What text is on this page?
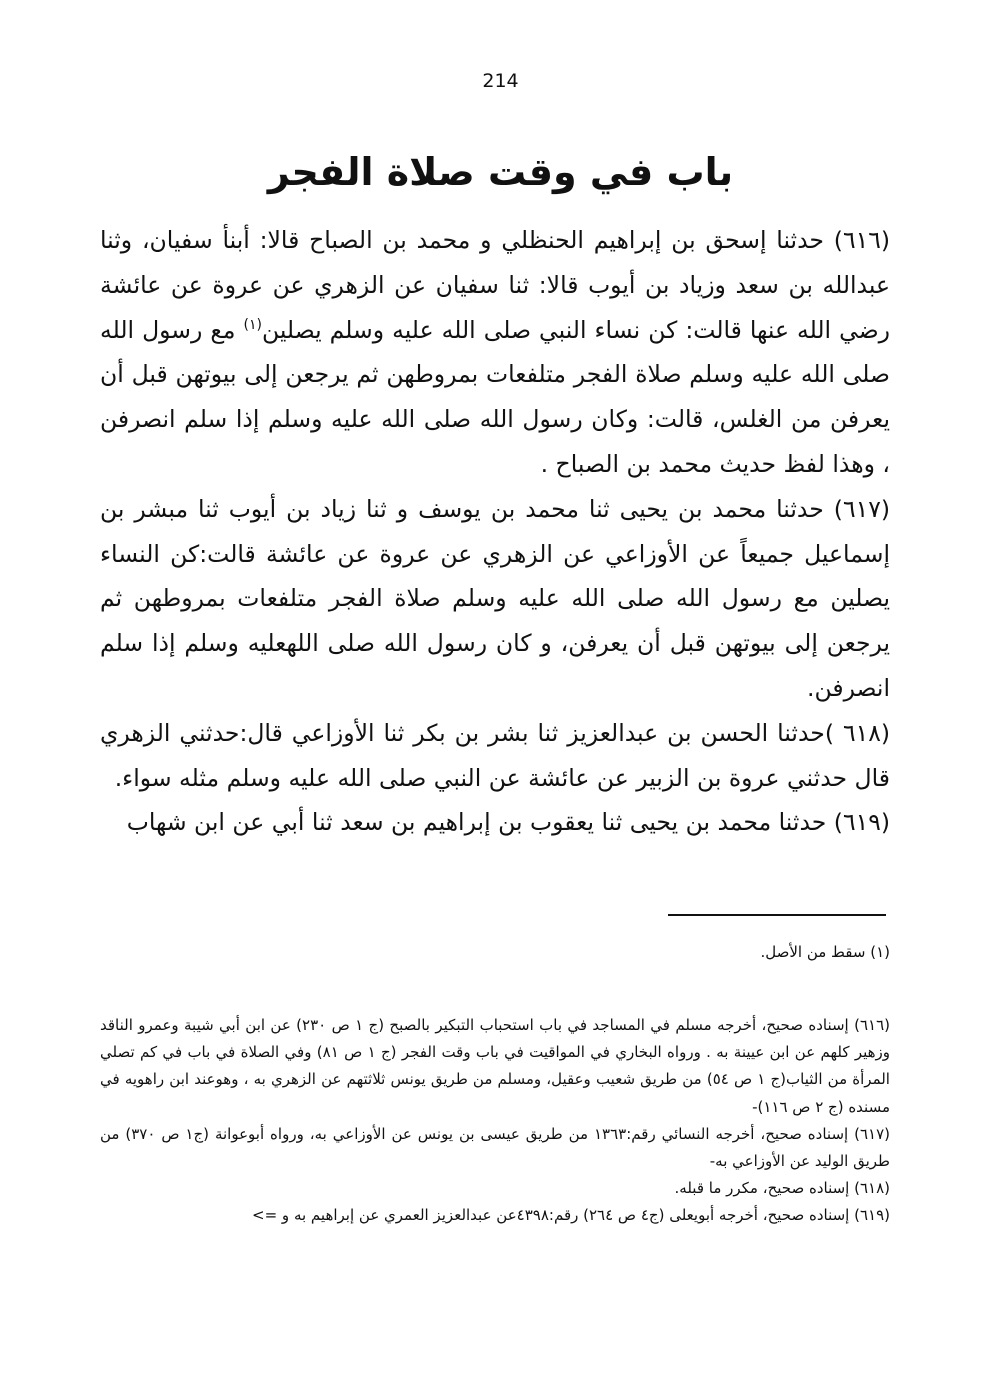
214
باب في وقت صلاة الفجر

(٦١٦) حدثنا إسحق بن إبراهيم الحنظلي و محمد بن الصباح قالا: أبنأ سفيان، وثنا عبدالله بن سعد وزياد بن أيوب قالا: ثنا سفيان عن الزهري عن عروة عن عائشة رضي الله عنها قالت: كن نساء النبي صلى الله عليه وسلم يصلين$^{(١)}$ مع رسول الله صلى الله عليه وسلم صلاة الفجر متلفعات بمروطهن ثم يرجعن إلى بيوتهن قبل أن يعرفن من الغلس، قالت: وكان رسول الله صلى الله عليه وسلم إذا سلم انصرفن ، وهذا لفظ حديث محمد بن الصباح .

(٦١٧) حدثنا محمد بن يحيى ثنا محمد بن يوسف و ثنا زياد بن أيوب ثنا مبشر بن إسماعيل جميعاً عن الأوزاعي عن الزهري عن عروة عن عائشة قالت:كن النساء يصلين مع رسول الله صلى الله عليه وسلم صلاة الفجر متلفعات بمروطهن ثم يرجعن إلى بيوتهن قبل أن يعرفن، و كان رسول الله صلى اللهعليه وسلم إذا سلم انصرفن.

(٦١٨ )حدثنا الحسن بن عبدالعزيز ثنا بشر بن بكر ثنا الأوزاعي قال:حدثني الزهري قال حدثني عروة بن الزبير عن عائشة عن النبي صلى الله عليه وسلم مثله سواء.

(٦١٩) حدثنا محمد بن يحيى ثنا يعقوب بن إبراهيم بن سعد ثنا أبي عن ابن شهاب

(١) سقط من الأصل.

(٦١٦) إسناده صحيح، أخرجه مسلم في المساجد في باب استحباب التبكير بالصبح (ج ١ ص ٢٣٠) عن ابن أبي شيبة وعمرو الناقد وزهير كلهم عن ابن عيينة به . ورواه البخاري في المواقيت في باب وقت الفجر (ج ١ ص ٨١) وفي الصلاة في باب في كم تصلي المرأة من الثياب(ج ١ ص ٥٤) من طريق شعيب وعقيل، ومسلم من طريق يونس ثلاثتهم عن الزهري به ، وهوعند ابن راهويه في مسنده (ج ٢ ص ١١٦)-

(٦١٧) إسناده صحيح، أخرجه النسائي رقم:١٣٦٣ من طريق عيسى بن يونس عن الأوزاعي به، ورواه أبوعوانة (ج١ ص ٣٧٠) من طريق الوليد عن الأوزاعي به-

(٦١٨) إسناده صحيح، مكرر ما قبله.

(٦١٩) إسناده صحيح، أخرجه أبويعلى (ج٤ ص ٢٦٤) رقم:٤٣٩٨عن عبدالعزيز العمري عن إبراهيم به و =>
